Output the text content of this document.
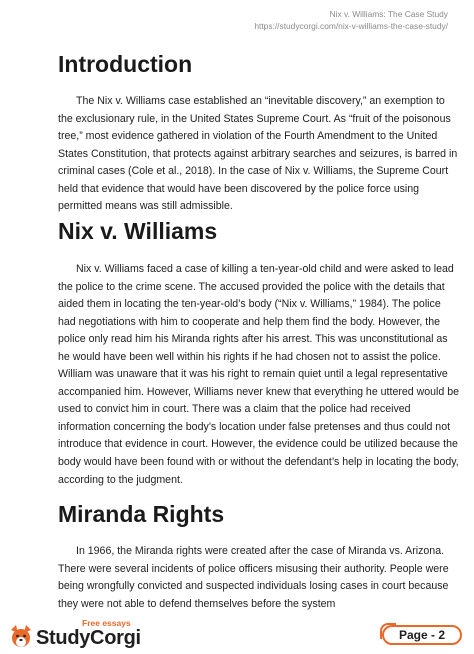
Nix v. Williams: The Case Study
https://studycorgi.com/nix-v-williams-the-case-study/
Introduction

The Nix v. Williams case established an “inevitable discovery,” an exemption to the exclusionary rule, in the United States Supreme Court. As “fruit of the poisonous tree,” most evidence gathered in violation of the Fourth Amendment to the United States Constitution, that protects against arbitrary searches and seizures, is barred in criminal cases (Cole et al., 2018). In the case of Nix v. Williams, the Supreme Court held that evidence that would have been discovered by the police force using permitted means was still admissible.

Nix v. Williams

Nix v. Williams faced a case of killing a ten-year-old child and were asked to lead the police to the crime scene. The accused provided the police with the details that aided them in locating the ten-year-old’s body (“Nix v. Williams,” 1984). The police had negotiations with him to cooperate and help them find the body. However, the police only read him his Miranda rights after his arrest. This was unconstitutional as he would have been well within his rights if he had chosen not to assist the police. William was unaware that it was his right to remain quiet until a legal representative accompanied him. However, Williams never knew that everything he uttered would be used to convict him in court. There was a claim that the police had received information concerning the body’s location under false pretenses and thus could not introduce that evidence in court. However, the evidence could be utilized because the body would have been found with or without the defendant’s help in locating the body, according to the judgment.

Miranda Rights

In 1966, the Miranda rights were created after the case of Miranda vs. Arizona. There were several incidents of police officers misusing their authority. People were being wrongfully convicted and suspected individuals losing cases in court because they were not able to defend themselves before the system

Free essays
StudyCorgi	Page - 2
